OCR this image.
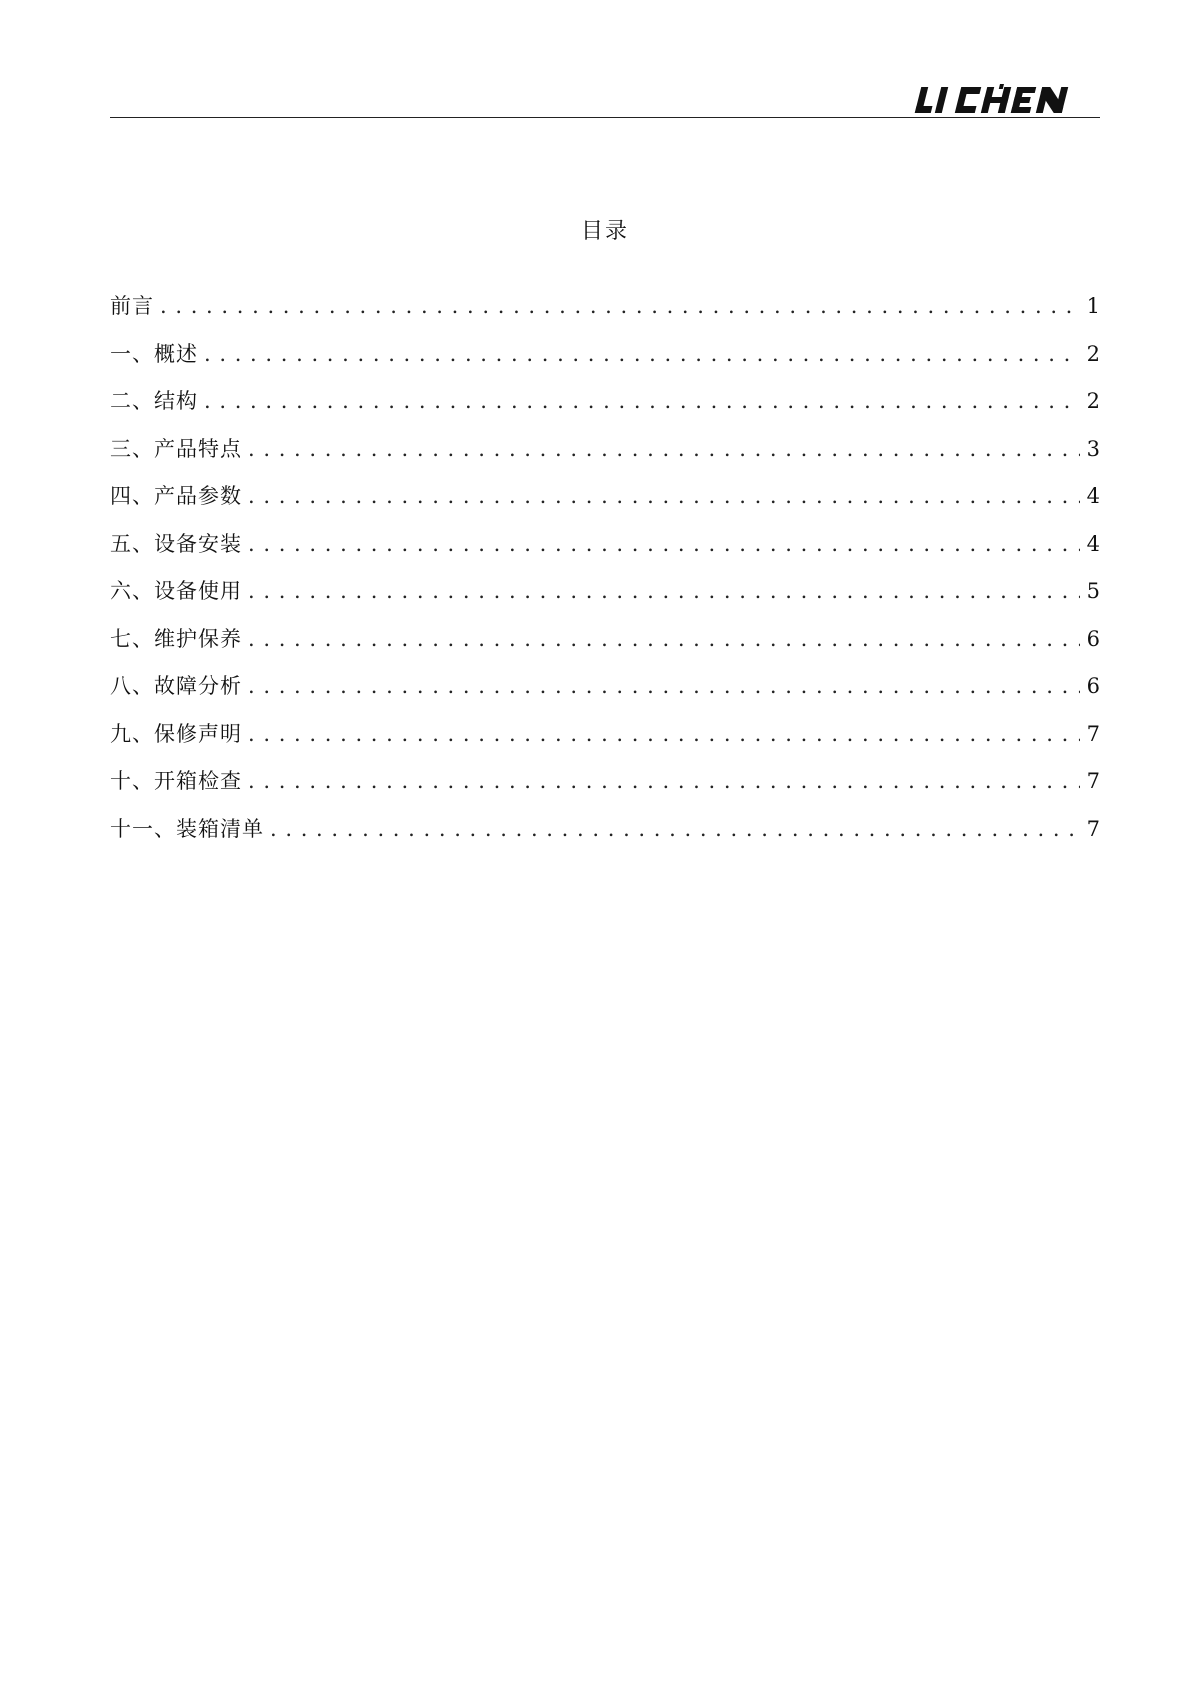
目录
前言 . . .	1
一、概述 . . .	2
二、结构 . . .	2
三、产品特点 . . .	3
四、产品参数 . . .	4
五、设备安装 . . .	4
六、设备使用 . . .	5
七、维护保养 . . .	6
八、故障分析 . . .	6
九、保修声明 . . .	7
十、开箱检查 . . .	7
十一、装箱清单 . . .	7
